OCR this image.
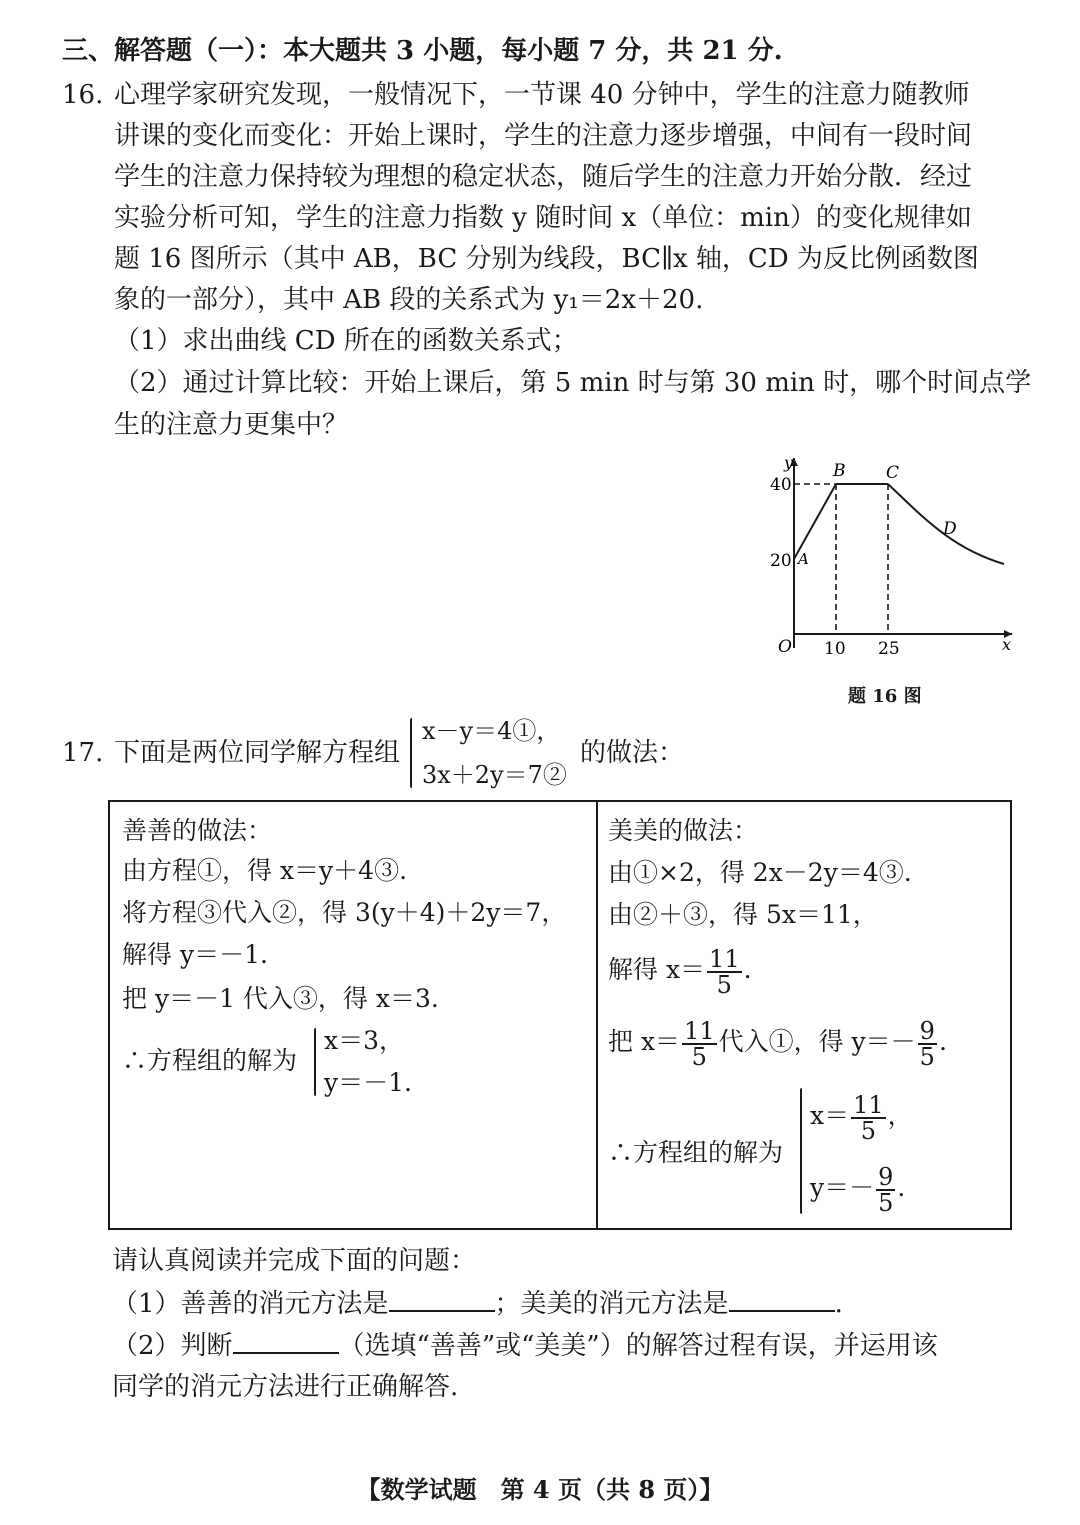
三、解答题（一）：本大题共 3 小题，每小题 7 分，共 21 分.
16. 心理学家研究发现，一般情况下，一节课 40 分钟中，学生的注意力随教师
讲课的变化而变化：开始上课时，学生的注意力逐步增强，中间有一段时间
学生的注意力保持较为理想的稳定状态，随后学生的注意力开始分散．经过
实验分析可知，学生的注意力指数 y 随时间 x（单位：min）的变化规律如
题 16 图所示（其中 AB，BC 分别为线段，BC∥x 轴，CD 为反比例函数图
象的一部分），其中 AB 段的关系式为 y₁＝2x＋20.
（1）求出曲线 CD 所在的函数关系式；
（2）通过计算比较：开始上课后，第 5 min 时与第 30 min 时，哪个时间点学
生的注意力更集中？
y
x
O
40
20
10 25
A
B C
D
题 16 图
17. 下面是两位同学解方程组
x－y＝4①，
3x＋2y＝7②
的做法：
善善的做法：
由方程①，得 x＝y＋4③.
将方程③代入②，得 3(y＋4)＋2y＝7，
解得 y＝－1.
把 y＝－1 代入③，得 x＝3.
∴方程组的解为
x＝3，
y＝－1.
美美的做法：
由①×2，得 2x－2y＝4③.
由②＋③，得 5x＝11，
解得 $x= \frac{11}{5}$ .
把 $x= \frac{11}{5}$ 代入①，得 $y=- \frac{9}{5}$ .
∴方程组的解为
$x= \frac{11}{5}$ ，
$y=- \frac{9}{5}$ .
请认真阅读并完成下面的问题：
（1）善善的消元方法是	；美美的消元方法是	.
（2）判断	（选填“善善”或“美美”）的解答过程有误，并运用该
同学的消元方法进行正确解答.
【数学试题　第 4 页（共 8 页）】
